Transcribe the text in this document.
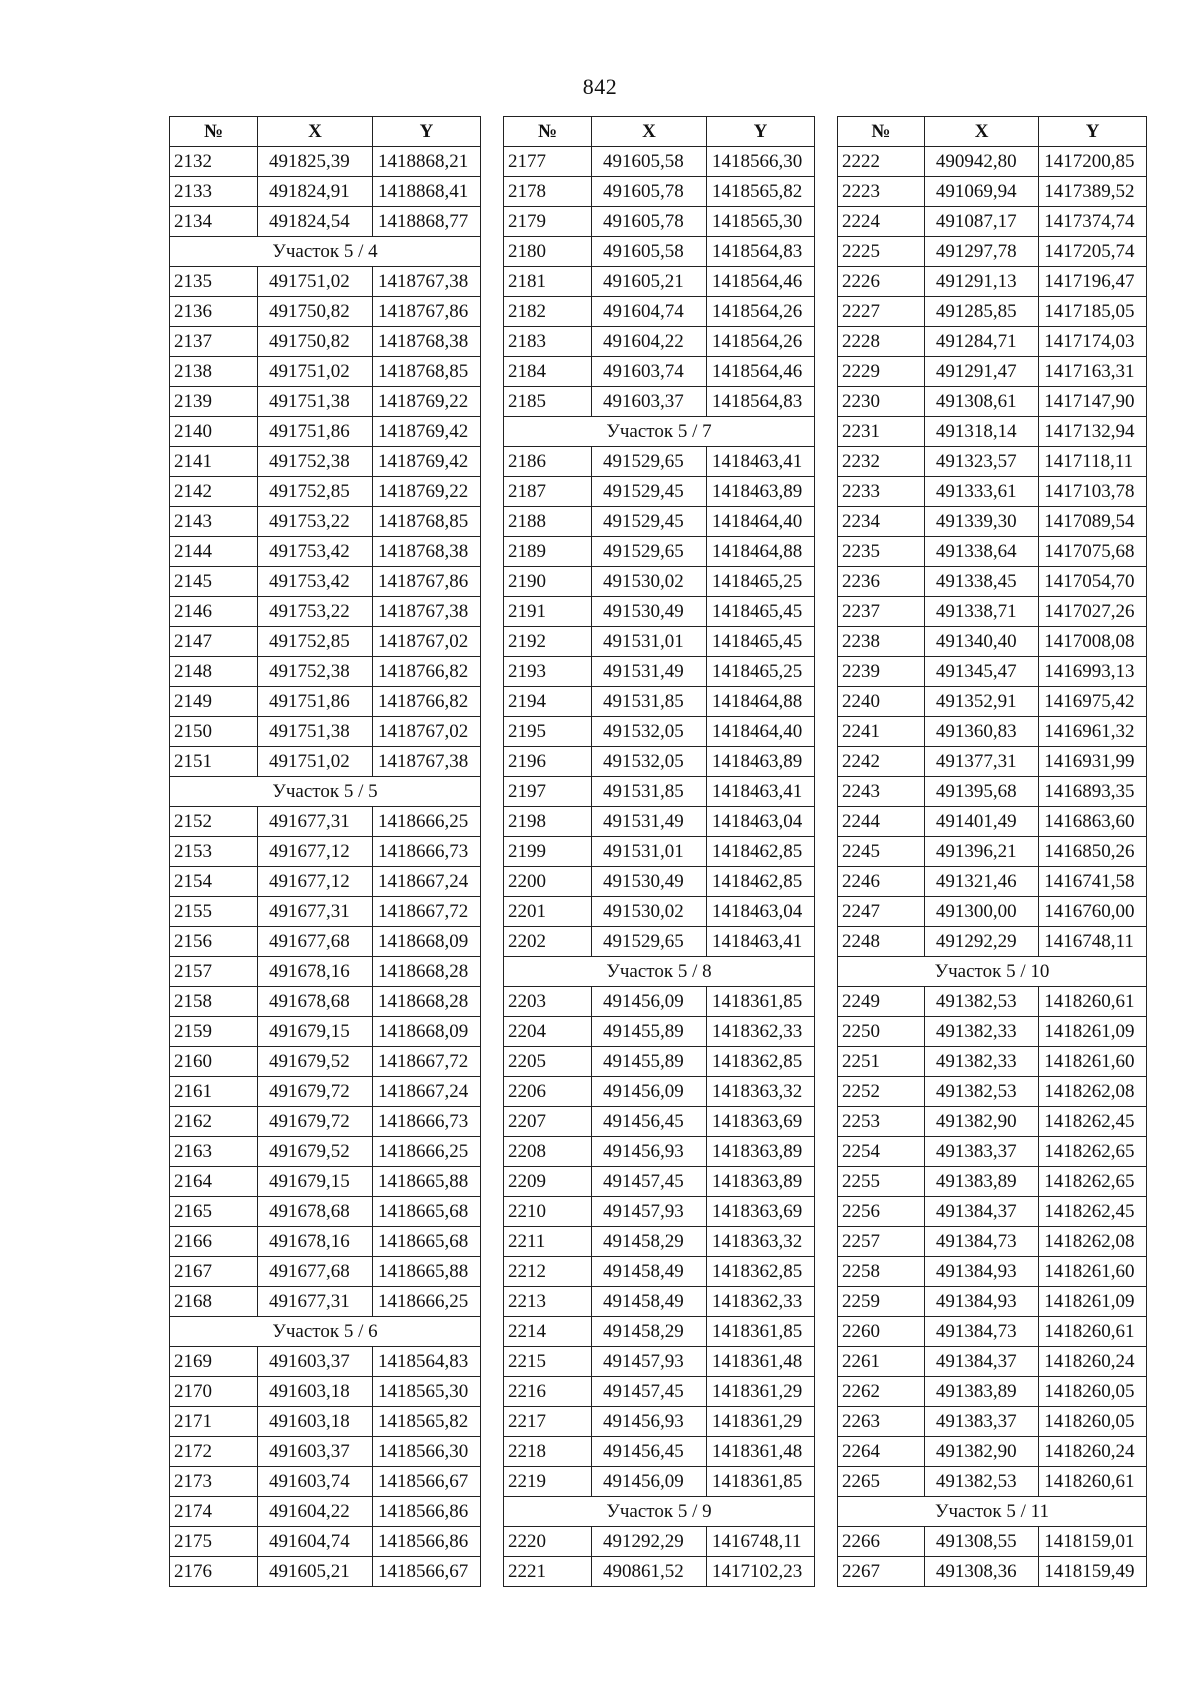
842
№	X	Y
2132	491825,39	1418868,21
2133	491824,91	1418868,41
2134	491824,54	1418868,77
Участок 5 / 4		
2135	491751,02	1418767,38
2136	491750,82	1418767,86
2137	491750,82	1418768,38
2138	491751,02	1418768,85
2139	491751,38	1418769,22
2140	491751,86	1418769,42
2141	491752,38	1418769,42
2142	491752,85	1418769,22
2143	491753,22	1418768,85
2144	491753,42	1418768,38
2145	491753,42	1418767,86
2146	491753,22	1418767,38
2147	491752,85	1418767,02
2148	491752,38	1418766,82
2149	491751,86	1418766,82
2150	491751,38	1418767,02
2151	491751,02	1418767,38
Участок 5 / 5		
2152	491677,31	1418666,25
2153	491677,12	1418666,73
2154	491677,12	1418667,24
2155	491677,31	1418667,72
2156	491677,68	1418668,09
2157	491678,16	1418668,28
2158	491678,68	1418668,28
2159	491679,15	1418668,09
2160	491679,52	1418667,72
2161	491679,72	1418667,24
2162	491679,72	1418666,73
2163	491679,52	1418666,25
2164	491679,15	1418665,88
2165	491678,68	1418665,68
2166	491678,16	1418665,68
2167	491677,68	1418665,88
2168	491677,31	1418666,25
Участок 5 / 6		
2169	491603,37	1418564,83
2170	491603,18	1418565,30
2171	491603,18	1418565,82
2172	491603,37	1418566,30
2173	491603,74	1418566,67
2174	491604,22	1418566,86
2175	491604,74	1418566,86
2176	491605,21	1418566,67
№	X	Y
2177	491605,58	1418566,30
2178	491605,78	1418565,82
2179	491605,78	1418565,30
2180	491605,58	1418564,83
2181	491605,21	1418564,46
2182	491604,74	1418564,26
2183	491604,22	1418564,26
2184	491603,74	1418564,46
2185	491603,37	1418564,83
Участок 5 / 7		
2186	491529,65	1418463,41
2187	491529,45	1418463,89
2188	491529,45	1418464,40
2189	491529,65	1418464,88
2190	491530,02	1418465,25
2191	491530,49	1418465,45
2192	491531,01	1418465,45
2193	491531,49	1418465,25
2194	491531,85	1418464,88
2195	491532,05	1418464,40
2196	491532,05	1418463,89
2197	491531,85	1418463,41
2198	491531,49	1418463,04
2199	491531,01	1418462,85
2200	491530,49	1418462,85
2201	491530,02	1418463,04
2202	491529,65	1418463,41
Участок 5 / 8		
2203	491456,09	1418361,85
2204	491455,89	1418362,33
2205	491455,89	1418362,85
2206	491456,09	1418363,32
2207	491456,45	1418363,69
2208	491456,93	1418363,89
2209	491457,45	1418363,89
2210	491457,93	1418363,69
2211	491458,29	1418363,32
2212	491458,49	1418362,85
2213	491458,49	1418362,33
2214	491458,29	1418361,85
2215	491457,93	1418361,48
2216	491457,45	1418361,29
2217	491456,93	1418361,29
2218	491456,45	1418361,48
2219	491456,09	1418361,85
Участок 5 / 9		
2220	491292,29	1416748,11
2221	490861,52	1417102,23
№	X	Y
2222	490942,80	1417200,85
2223	491069,94	1417389,52
2224	491087,17	1417374,74
2225	491297,78	1417205,74
2226	491291,13	1417196,47
2227	491285,85	1417185,05
2228	491284,71	1417174,03
2229	491291,47	1417163,31
2230	491308,61	1417147,90
2231	491318,14	1417132,94
2232	491323,57	1417118,11
2233	491333,61	1417103,78
2234	491339,30	1417089,54
2235	491338,64	1417075,68
2236	491338,45	1417054,70
2237	491338,71	1417027,26
2238	491340,40	1417008,08
2239	491345,47	1416993,13
2240	491352,91	1416975,42
2241	491360,83	1416961,32
2242	491377,31	1416931,99
2243	491395,68	1416893,35
2244	491401,49	1416863,60
2245	491396,21	1416850,26
2246	491321,46	1416741,58
2247	491300,00	1416760,00
2248	491292,29	1416748,11
Участок 5 / 10		
2249	491382,53	1418260,61
2250	491382,33	1418261,09
2251	491382,33	1418261,60
2252	491382,53	1418262,08
2253	491382,90	1418262,45
2254	491383,37	1418262,65
2255	491383,89	1418262,65
2256	491384,37	1418262,45
2257	491384,73	1418262,08
2258	491384,93	1418261,60
2259	491384,93	1418261,09
2260	491384,73	1418260,61
2261	491384,37	1418260,24
2262	491383,89	1418260,05
2263	491383,37	1418260,05
2264	491382,90	1418260,24
2265	491382,53	1418260,61
Участок 5 / 11		
2266	491308,55	1418159,01
2267	491308,36	1418159,49
